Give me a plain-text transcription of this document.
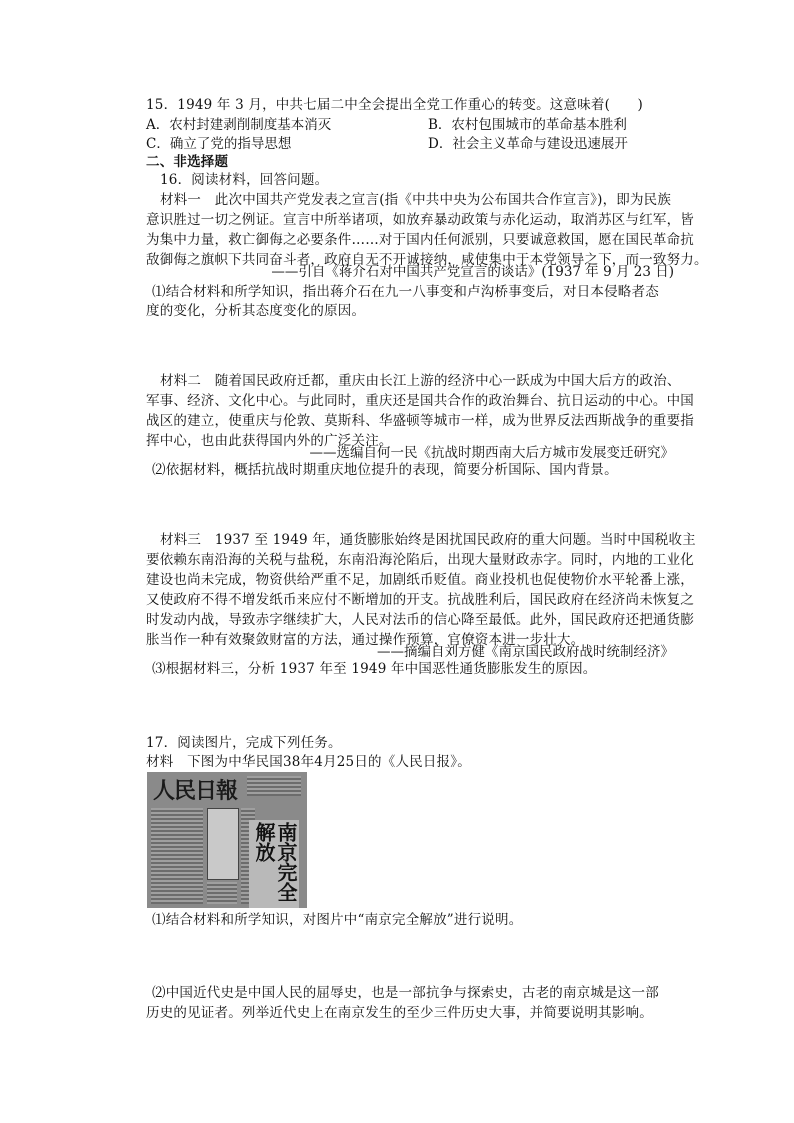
15．1949 年 3 月，中共七届二中全会提出全党工作重心的转变。这意味着(　　)
A．农村封建剥削制度基本消灭	B．农村包围城市的革命基本胜利
C．确立了党的指导思想	D．社会主义革命与建设迅速展开
二、非选择题
16．阅读材料，回答问题。
材料一　此次中国共产党发表之宣言(指《中共中央为公布国共合作宣言》)，即为民族
意识胜过一切之例证。宣言中所举诸项，如放弃暴动政策与赤化运动，取消苏区与红军，皆
为集中力量，救亡御侮之必要条件……对于国内任何派别，只要诚意救国，愿在国民革命抗
敌御侮之旗帜下共同奋斗者，政府自无不开诚接纳，咸使集中于本党领导之下，而一致努力。
——引自《蒋介石对中国共产党宣言的谈话》(1937 年 9 月 23 日)
⑴结合材料和所学知识，指出蒋介石在九一八事变和卢沟桥事变后，对日本侵略者态
度的变化，分析其态度变化的原因。
材料二　随着国民政府迁都，重庆由长江上游的经济中心一跃成为中国大后方的政治、
军事、经济、文化中心。与此同时，重庆还是国共合作的政治舞台、抗日运动的中心。中国
战区的建立，使重庆与伦敦、莫斯科、华盛顿等城市一样，成为世界反法西斯战争的重要指
挥中心，也由此获得国内外的广泛关注。
——选编自何一民《抗战时期西南大后方城市发展变迁研究》
⑵依据材料，概括抗战时期重庆地位提升的表现，简要分析国际、国内背景。
材料三　1937 至 1949 年，通货膨胀始终是困扰国民政府的重大问题。当时中国税收主
要依赖东南沿海的关税与盐税，东南沿海沦陷后，出现大量财政赤字。同时，内地的工业化
建设也尚未完成，物资供给严重不足，加剧纸币贬值。商业投机也促使物价水平轮番上涨，
又使政府不得不增发纸币来应付不断增加的开支。抗战胜利后，国民政府在经济尚未恢复之
时发动内战，导致赤字继续扩大，人民对法币的信心降至最低。此外，国民政府还把通货膨
胀当作一种有效聚敛财富的方法，通过操作预算，官僚资本进一步壮大。
——摘编自刘方健《南京国民政府战时统制经济》
⑶根据材料三，分析 1937 年至 1949 年中国恶性通货膨胀发生的原因。
17．阅读图片，完成下列任务。
材料　下图为中华民国38年4月25日的《人民日报》。
人民日報
南京完全解放
⑴结合材料和所学知识，对图片中“南京完全解放”进行说明。
⑵中国近代史是中国人民的屈辱史，也是一部抗争与探索史，古老的南京城是这一部
历史的见证者。列举近代史上在南京发生的至少三件历史大事，并简要说明其影响。
